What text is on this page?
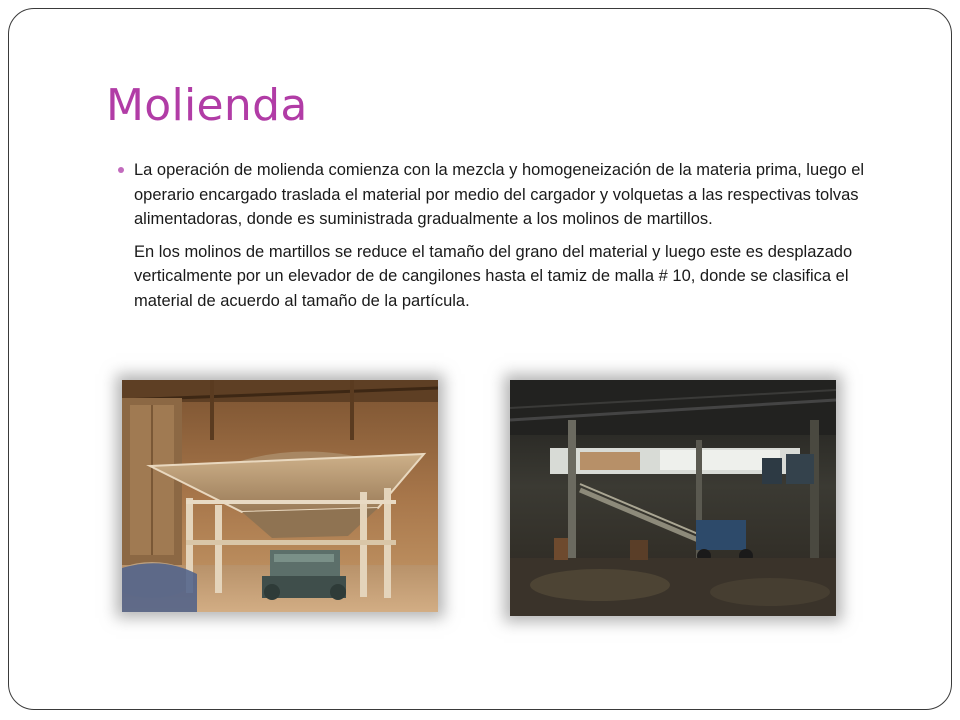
Molienda

La operación de molienda comienza con la mezcla y homogeneización de la materia prima, luego el operario encargado traslada el material por medio del cargador y volquetas a las respectivas tolvas alimentadoras, donde es suministrada gradualmente a los molinos de martillos.

En los molinos de martillos se reduce el tamaño del grano del material y luego este es desplazado verticalmente por un elevador de de cangilones hasta el tamiz de malla # 10, donde se clasifica el material de acuerdo al tamaño de la partícula.
